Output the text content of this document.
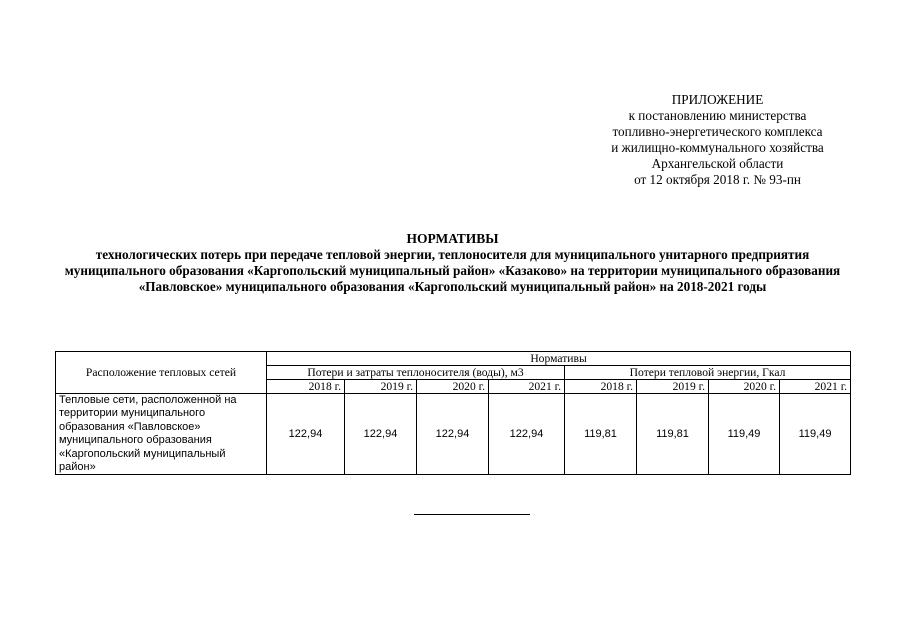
ПРИЛОЖЕНИЕ
к постановлению министерства
топливно-энергетического комплекса
и жилищно-коммунального хозяйства
Архангельской области
от 12 октября 2018 г. № 93-пн
НОРМАТИВЫ
технологических потерь при передаче тепловой энергии, теплоносителя для муниципального унитарного предприятия муниципального образования «Каргопольский муниципальный район» «Казаково» на территории муниципального образования «Павловское» муниципального образования «Каргопольский муниципальный район» на 2018-2021 годы
Расположение тепловых сетей	Нормативы							
	Потери и затраты теплоносителя (воды), м3				Потери тепловой энергии, Гкал			
	2018 г.	2019 г.	2020 г.	2021 г.	2018 г.	2019 г.	2020 г.	2021 г.
Тепловые сети, расположенной на территории муниципального образования «Павловское» муниципального образования «Каргопольский муниципальный район»	122,94	122,94	122,94	122,94	119,81	119,81	119,49	119,49
